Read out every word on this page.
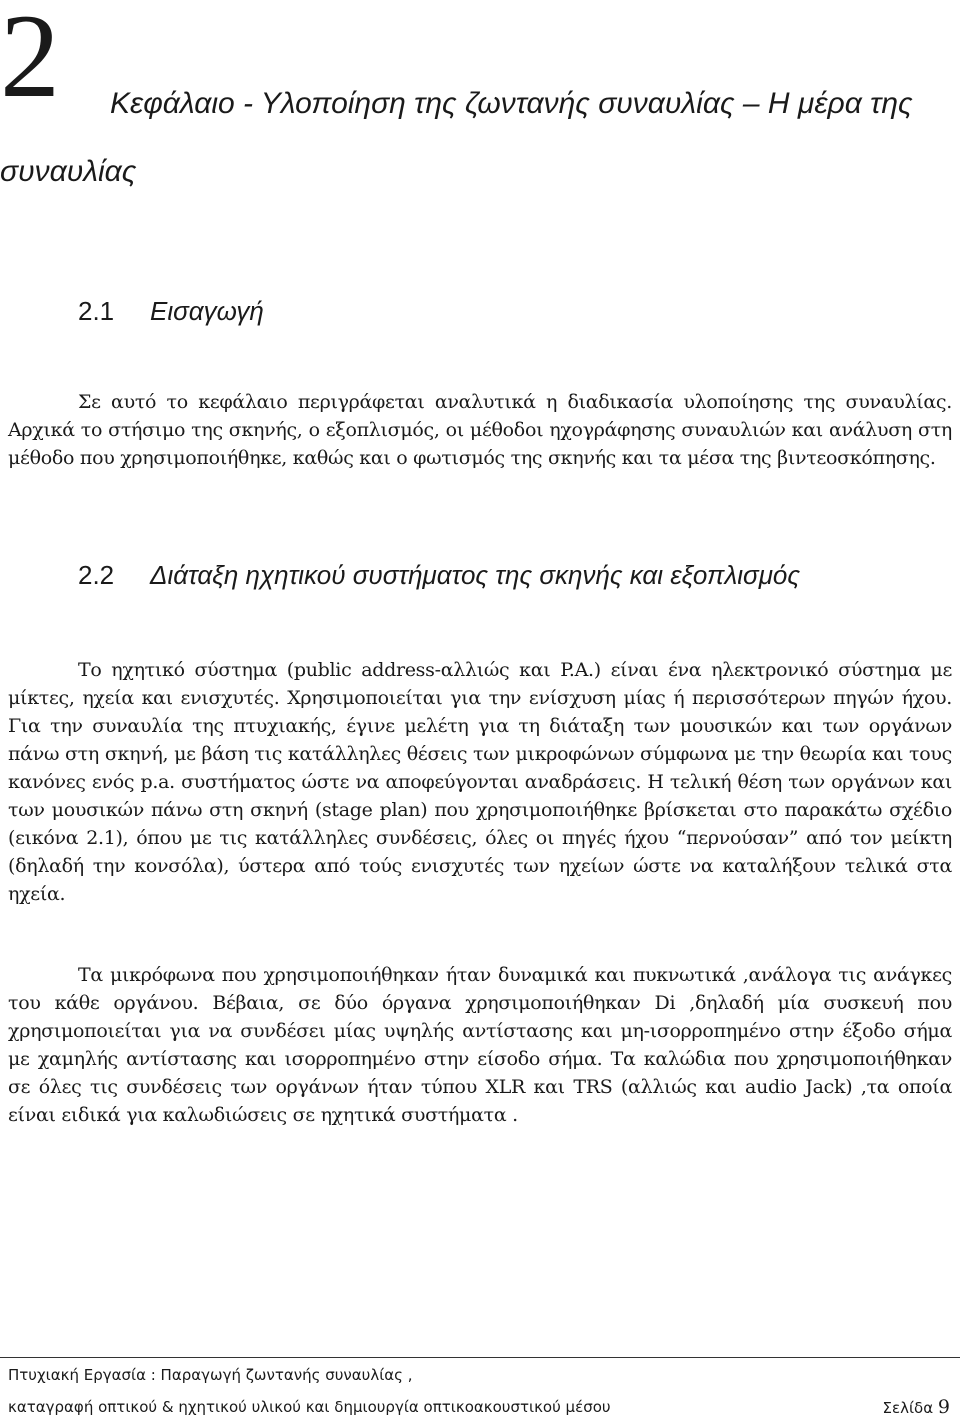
2	Κεφάλαιο - Υλοποίηση της ζωντανής συναυλίας – Η μέρα της συναυλίας
2.1 Εισαγωγή
Σε αυτό το κεφάλαιο περιγράφεται αναλυτικά η διαδικασία υλοποίησης της συναυλίας. Αρχικά το στήσιμο της σκηνής, ο εξοπλισμός, οι μέθοδοι ηχογράφησης συναυλιών και ανάλυση στη μέθοδο που χρησιμοποιήθηκε, καθώς και ο φωτισμός της σκηνής και τα μέσα της βιντεοσκόπησης.
2.2 Διάταξη ηχητικού συστήματος της σκηνής και εξοπλισμός
Το ηχητικό σύστημα (public address-αλλιώς και P.A.) είναι ένα ηλεκτρονικό σύστημα με μίκτες, ηχεία και ενισχυτές. Χρησιμοποιείται για την ενίσχυση μίας ή περισσότερων πηγών ήχου. Για την συναυλία της πτυχιακής, έγινε μελέτη για τη διάταξη των μουσικών και των οργάνων πάνω στη σκηνή, με βάση τις κατάλληλες θέσεις των μικροφώνων σύμφωνα με την θεωρία και τους κανόνες ενός p.a. συστήματος ώστε να αποφεύγονται αναδράσεις. Η τελική θέση των οργάνων και των μουσικών πάνω στη σκηνή (stage plan) που χρησιμοποιήθηκε βρίσκεται στο παρακάτω σχέδιο (εικόνα 2.1), όπου με τις κατάλληλες συνδέσεις, όλες οι πηγές ήχου “περνούσαν” από τον μείκτη (δηλαδή την κονσόλα), ύστερα από τούς ενισχυτές των ηχείων ώστε να καταλήξουν τελικά στα ηχεία.
Τα μικρόφωνα που χρησιμοποιήθηκαν ήταν δυναμικά και πυκνωτικά ,ανάλογα τις ανάγκες του κάθε οργάνου. Βέβαια, σε δύο όργανα χρησιμοποιήθηκαν Di ,δηλαδή μία συσκευή που χρησιμοποιείται για να συνδέσει μίας υψηλής αντίστασης και μη-ισορροπημένο στην έξοδο σήμα με χαμηλής αντίστασης και ισορροπημένο στην είσοδο σήμα. Τα καλώδια που χρησιμοποιήθηκαν σε όλες τις συνδέσεις των οργάνων ήταν τύπου XLR και TRS (αλλιώς και audio Jack) ,τα οποία είναι ειδικά για καλωδιώσεις σε ηχητικά συστήματα .
Πτυχιακή Εργασία : Παραγωγή ζωντανής συναυλίας ,
καταγραφή οπτικού & ηχητικού υλικού και δημιουργία οπτικοακουστικού μέσου	Σελίδα 9
